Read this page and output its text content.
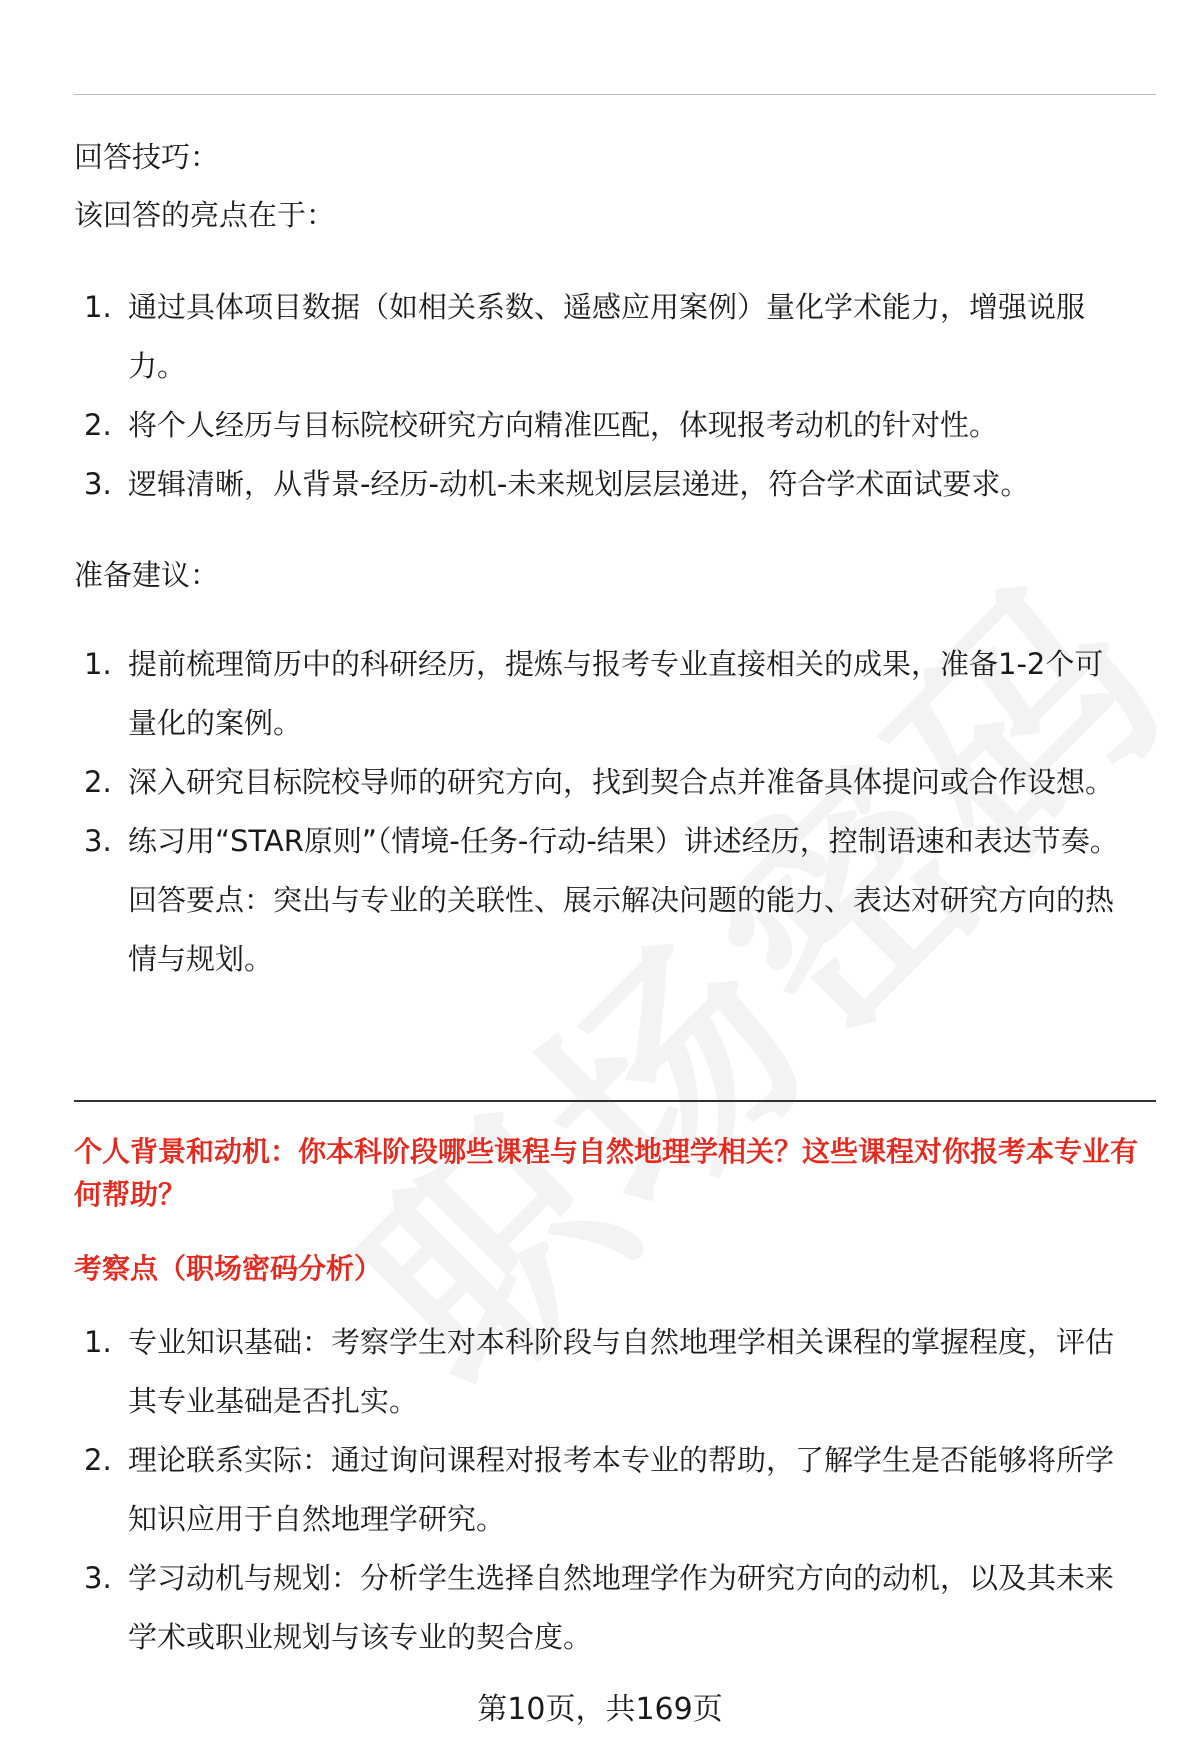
回答技巧：
该回答的亮点在于：
1. 通过具体项目数据（如相关系数、遥感应用案例）量化学术能力，增强说服力。
2. 将个人经历与目标院校研究方向精准匹配，体现报考动机的针对性。
3. 逻辑清晰，从背景-经历-动机-未来规划层层递进，符合学术面试要求。
准备建议：
1. 提前梳理简历中的科研经历，提炼与报考专业直接相关的成果，准备1-2个可量化的案例。
2. 深入研究目标院校导师的研究方向，找到契合点并准备具体提问或合作设想。
3. 练习用“STAR原则”（情境-任务-行动-结果）讲述经历，控制语速和表达节奏。
回答要点：突出与专业的关联性、展示解决问题的能力、表达对研究方向的热情与规划。
个人背景和动机：你本科阶段哪些课程与自然地理学相关？这些课程对你报考本专业有何帮助？
考察点（职场密码分析）
1. 专业知识基础：考察学生对本科阶段与自然地理学相关课程的掌握程度，评估其专业基础是否扎实。
2. 理论联系实际：通过询问课程对报考本专业的帮助，了解学生是否能够将所学知识应用于自然地理学研究。
3. 学习动机与规划：分析学生选择自然地理学作为研究方向的动机，以及其未来学术或职业规划与该专业的契合度。
第10页，共169页
